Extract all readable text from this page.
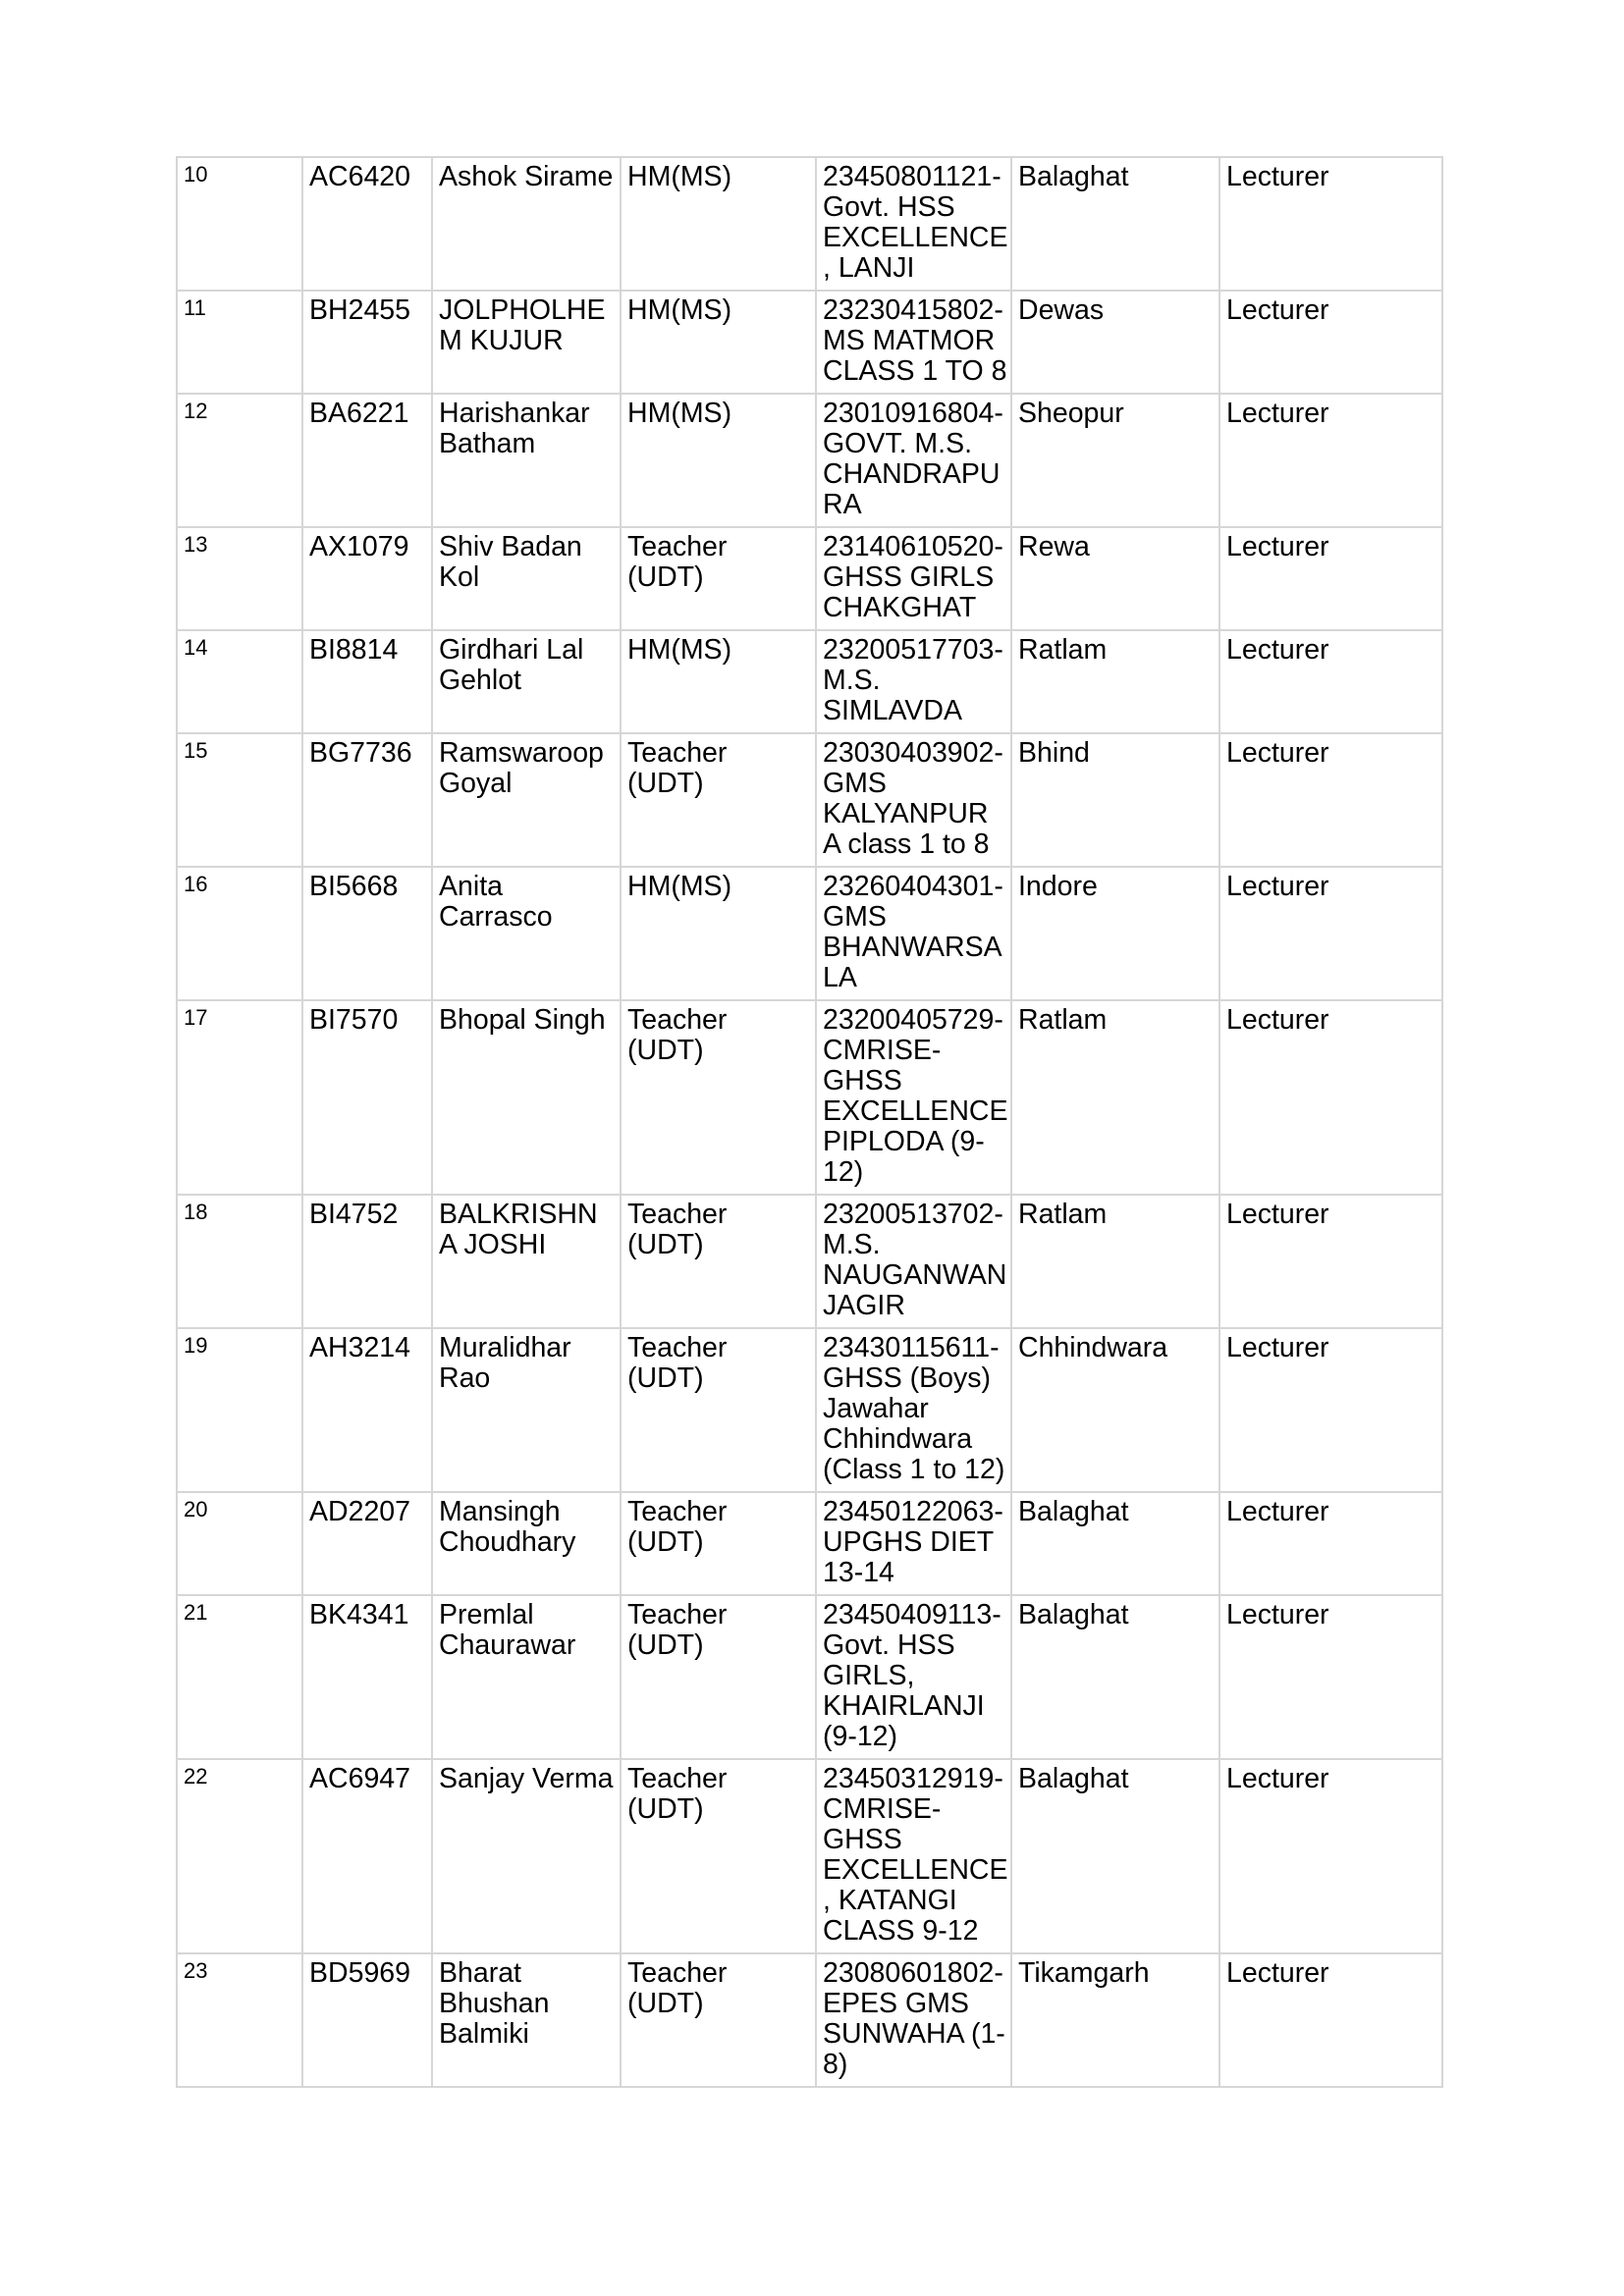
10	AC6420	Ashok Sirame	HM(MS)	23450801121-Govt. HSS EXCELLENCE , LANJI	Balaghat	Lecturer
11	BH2455	JOLPHOLHEM KUJUR	HM(MS)	23230415802-MS MATMOR CLASS 1 TO 8	Dewas	Lecturer
12	BA6221	Harishankar Batham	HM(MS)	23010916804-GOVT. M.S. CHANDRAPURA	Sheopur	Lecturer
13	AX1079	Shiv Badan Kol	Teacher (UDT)	23140610520-GHSS GIRLS CHAKGHAT	Rewa	Lecturer
14	BI8814	Girdhari Lal Gehlot	HM(MS)	23200517703-M.S. SIMLAVDA	Ratlam	Lecturer
15	BG7736	Ramswaroop Goyal	Teacher (UDT)	23030403902-GMS KALYANPUR A class 1 to 8	Bhind	Lecturer
16	BI5668	Anita Carrasco	HM(MS)	23260404301-GMS BHANWARSALA	Indore	Lecturer
17	BI7570	Bhopal Singh	Teacher (UDT)	23200405729-CMRISE-GHSS EXCELLENCE PIPLODA (9-12)	Ratlam	Lecturer
18	BI4752	BALKRISHNA JOSHI	Teacher (UDT)	23200513702-M.S. NAUGANWAN JAGIR	Ratlam	Lecturer
19	AH3214	Muralidhar Rao	Teacher (UDT)	23430115611-GHSS (Boys) Jawahar Chhindwara (Class 1 to 12)	Chhindwara	Lecturer
20	AD2207	Mansingh Choudhary	Teacher (UDT)	23450122063-UPGHS DIET 13-14	Balaghat	Lecturer
21	BK4341	Premlal Chaurawar	Teacher (UDT)	23450409113-Govt. HSS GIRLS, KHAIRLANJI (9-12)	Balaghat	Lecturer
22	AC6947	Sanjay Verma	Teacher (UDT)	23450312919-CMRISE-GHSS EXCELLENCE , KATANGI CLASS 9-12	Balaghat	Lecturer
23	BD5969	Bharat Bhushan Balmiki	Teacher (UDT)	23080601802-EPES GMS SUNWAHA (1-8)	Tikamgarh	Lecturer
